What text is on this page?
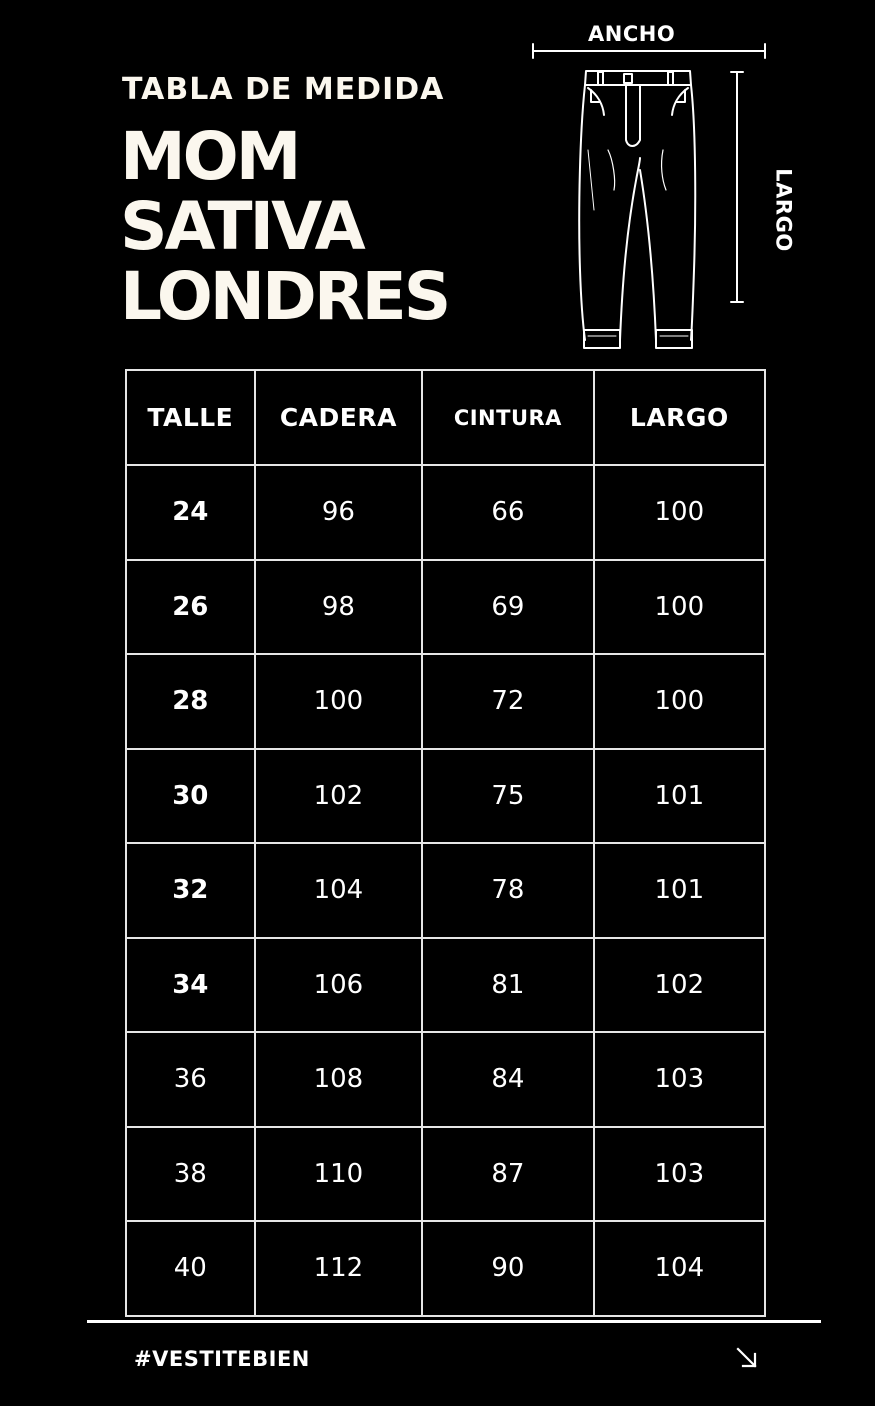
TABLA DE MEDIDA
MOM
SATIVA
LONDRES
ANCHO
LARGO
TALLE	CADERA	CINTURA	LARGO
24	96	66	100
26	98	69	100
28	100	72	100
30	102	75	101
32	104	78	101
34	106	81	102
36	108	84	103
38	110	87	103
40	112	90	104
#VESTITEBIEN
